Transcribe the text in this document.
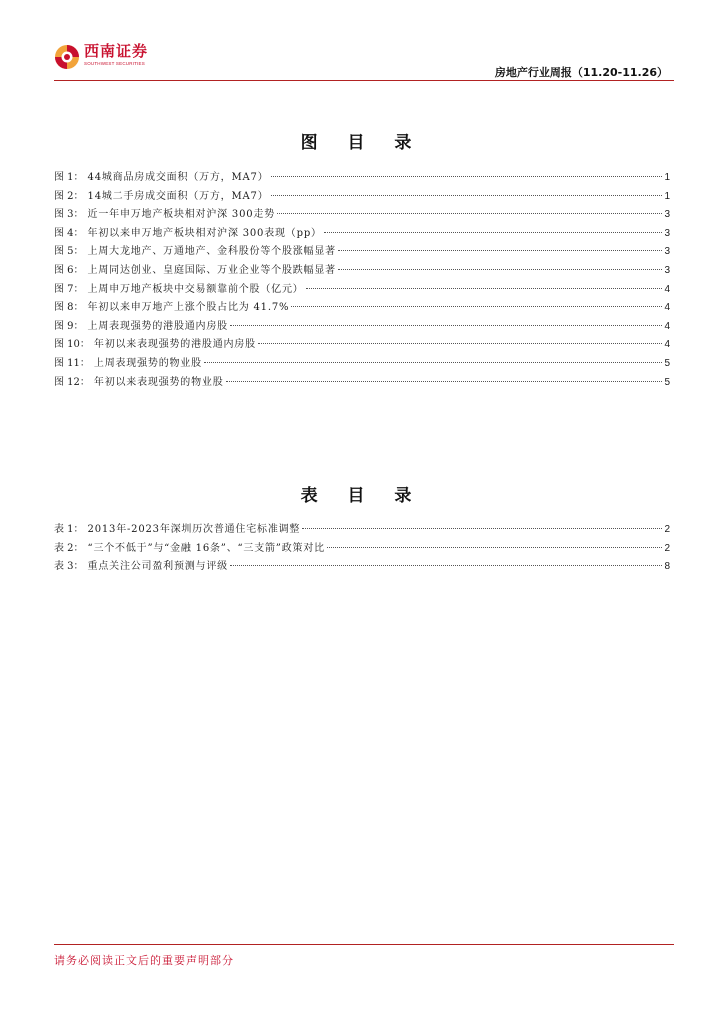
西南证券
SOUTHWEST SECURITIES
房地产行业周报（11.20-11.26）
图 目 录
图 1： 44城商品房成交面积（万方，MA7）	1
图 2： 14城二手房成交面积（万方，MA7）	1
图 3： 近一年申万地产板块相对沪深 300走势	3
图 4： 年初以来申万地产板块相对沪深 300表现（pp）	3
图 5： 上周大龙地产、万通地产、金科股份等个股涨幅显著	3
图 6： 上周同达创业、皇庭国际、万业企业等个股跌幅显著	3
图 7： 上周申万地产板块中交易额靠前个股（亿元）	4
图 8： 年初以来申万地产上涨个股占比为 41.7%	4
图 9： 上周表现强势的港股通内房股	4
图 10： 年初以来表现强势的港股通内房股	4
图 11： 上周表现强势的物业股	5
图 12： 年初以来表现强势的物业股	5
表 目 录
表 1： 2013年-2023年深圳历次普通住宅标准调整	2
表 2： “三个不低于”与“金融 16条”、“三支箭”政策对比	2
表 3： 重点关注公司盈利预测与评级	8
请务必阅读正文后的重要声明部分
